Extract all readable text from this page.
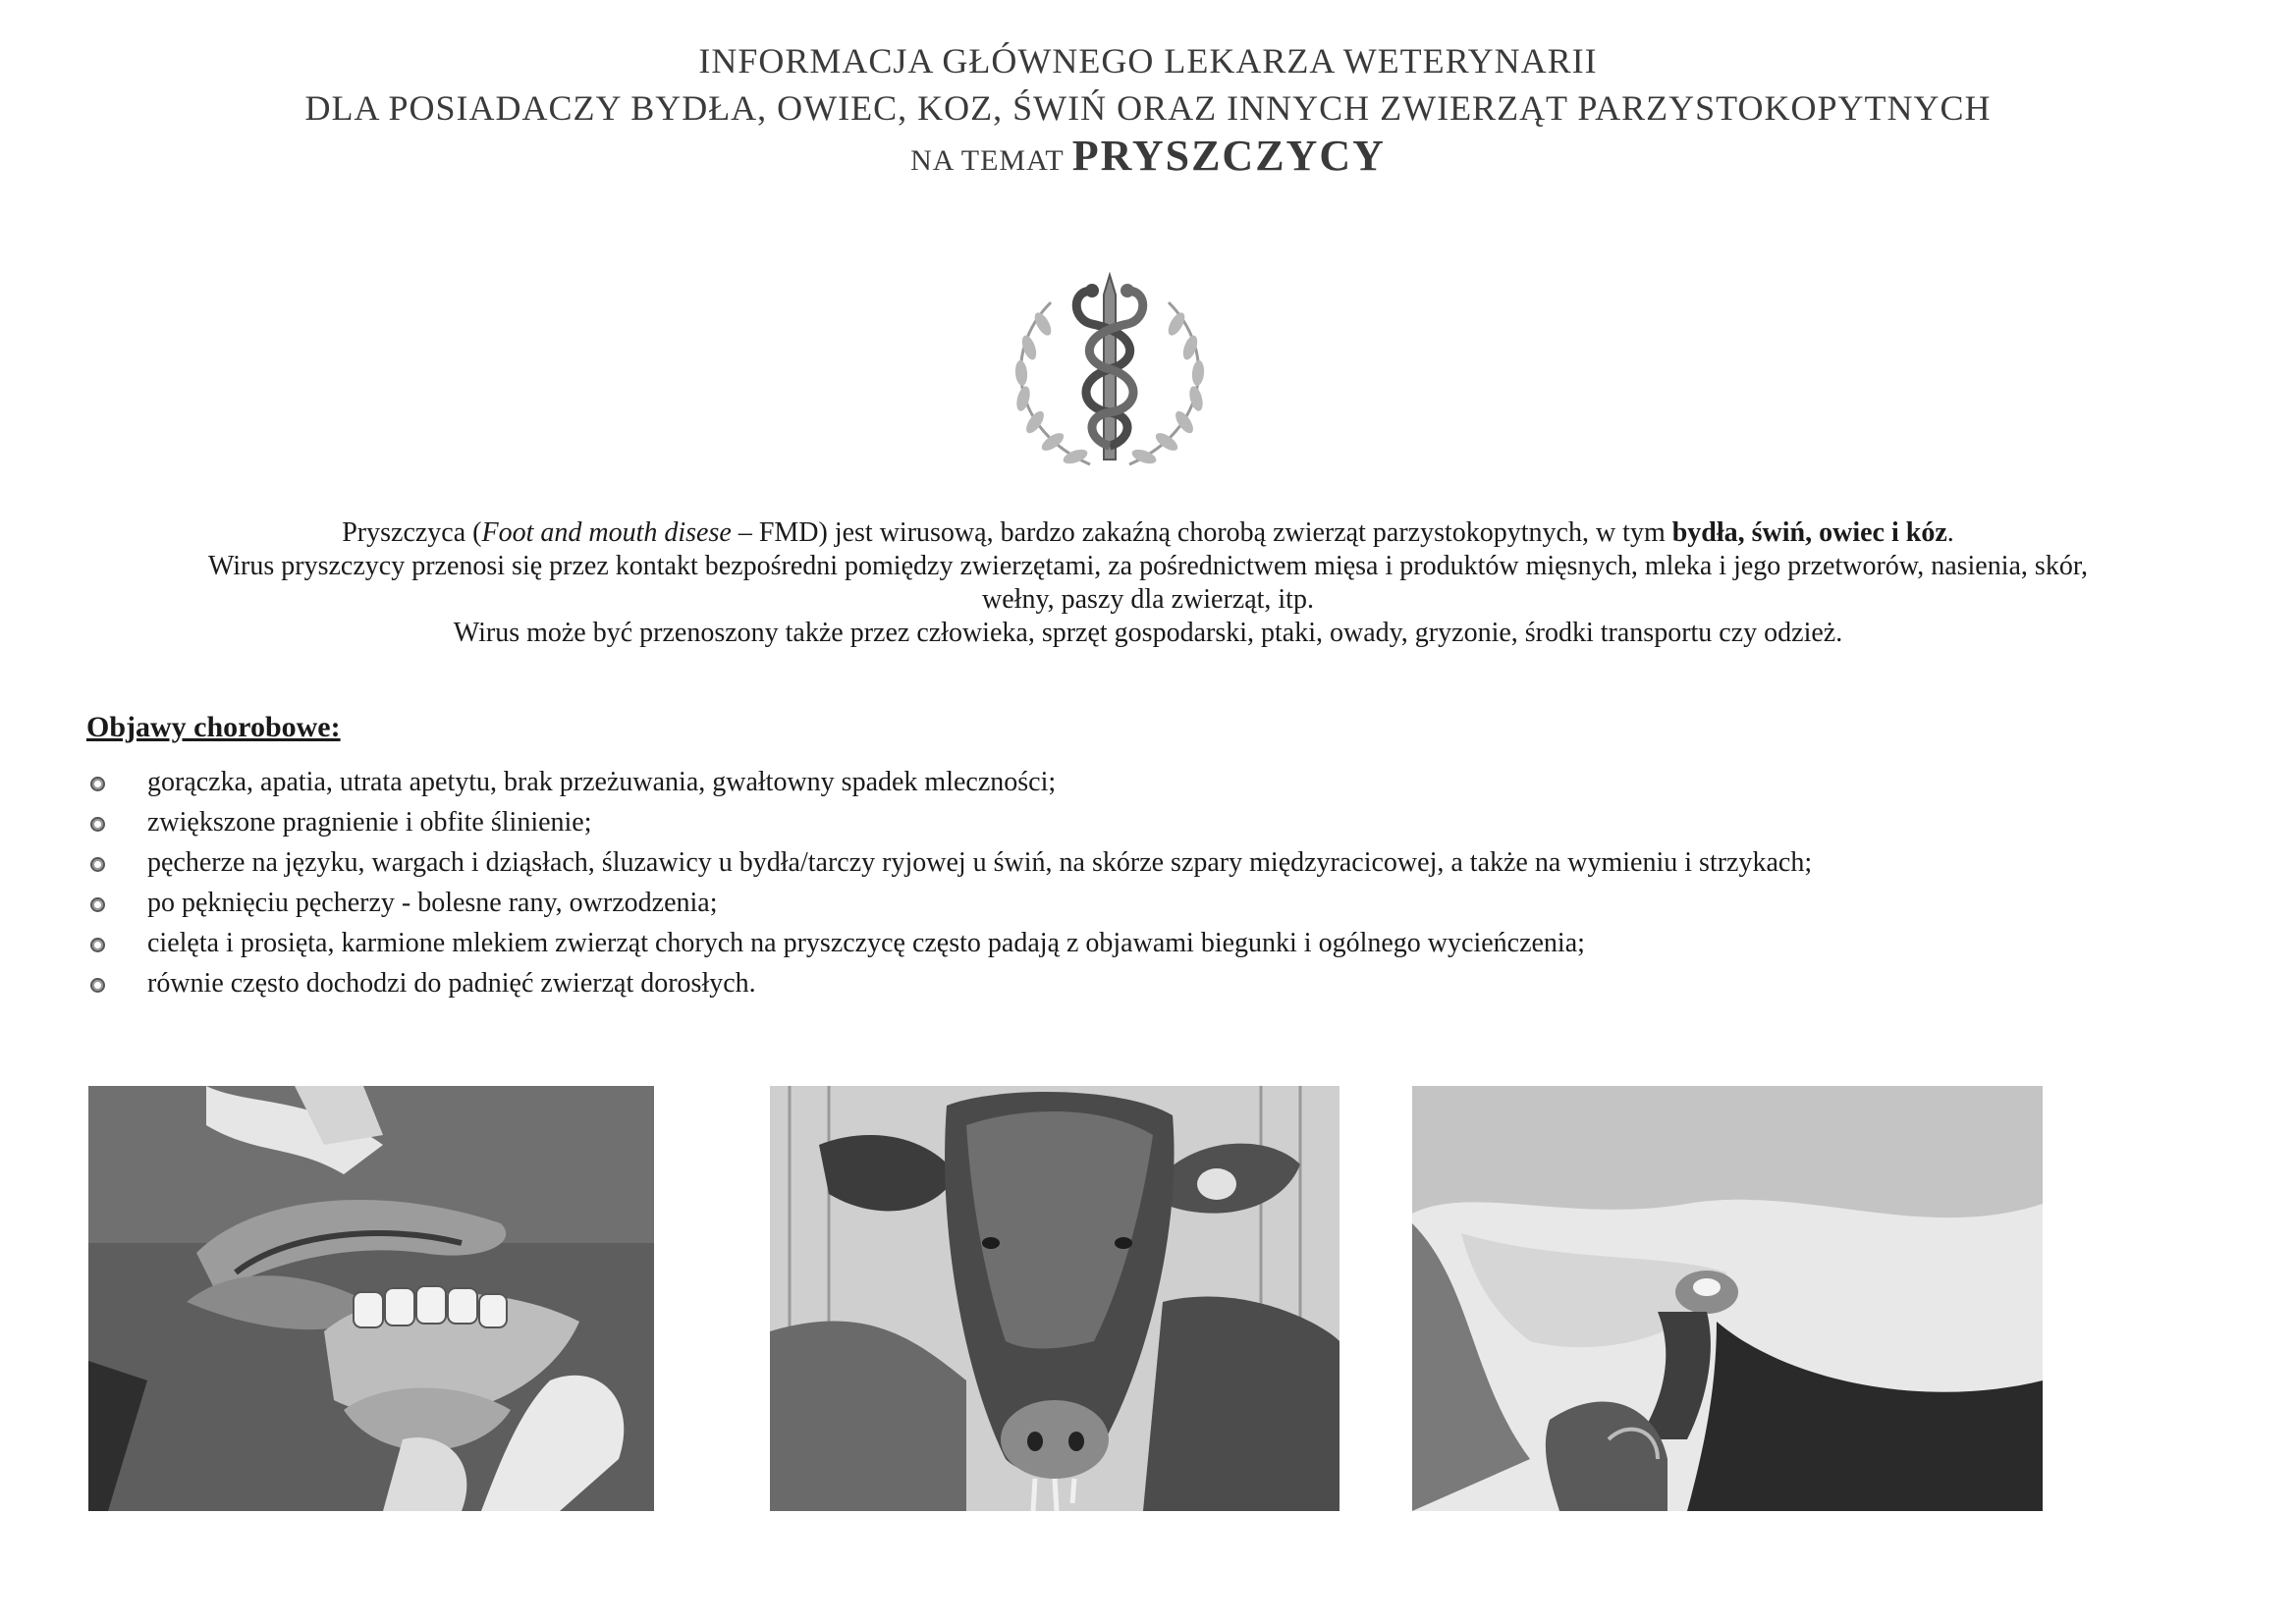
INFORMACJA GŁÓWNEGO LEKARZA WETERYNARII
DLA POSIADACZY BYDŁA, OWIEC, KOZ, ŚWIŃ ORAZ INNYCH ZWIERZĄT PARZYSTOKOPYTNYCH
NA TEMAT PRYSZCZYCY

Pryszczyca (Foot and mouth disese – FMD) jest wirusową, bardzo zakaźną chorobą zwierząt parzystokopytnych, w tym bydła, świń, owiec i kóz.

Wirus pryszczycy przenosi się przez kontakt bezpośredni pomiędzy zwierzętami, za pośrednictwem mięsa i produktów mięsnych, mleka i jego przetworów, nasienia, skór, wełny, paszy dla zwierząt, itp.

Wirus może być przenoszony także przez człowieka, sprzęt gospodarski, ptaki, owady, gryzonie, środki transportu czy odzież.

Objawy chorobowe:
gorączka, apatia, utrata apetytu, brak przeżuwania, gwałtowny spadek mleczności;
zwiększone pragnienie i obfite ślinienie;
pęcherze na języku, wargach i dziąsłach, śluzawicy u bydła/tarczy ryjowej u świń, na skórze szpary międzyracicowej, a także na wymieniu i strzykach;
po pęknięciu pęcherzy - bolesne rany, owrzodzenia;
cielęta i prosięta, karmione mlekiem zwierząt chorych na pryszczycę często padają z objawami biegunki i ogólnego wycieńczenia;
równie często dochodzi do padnięć zwierząt dorosłych.
